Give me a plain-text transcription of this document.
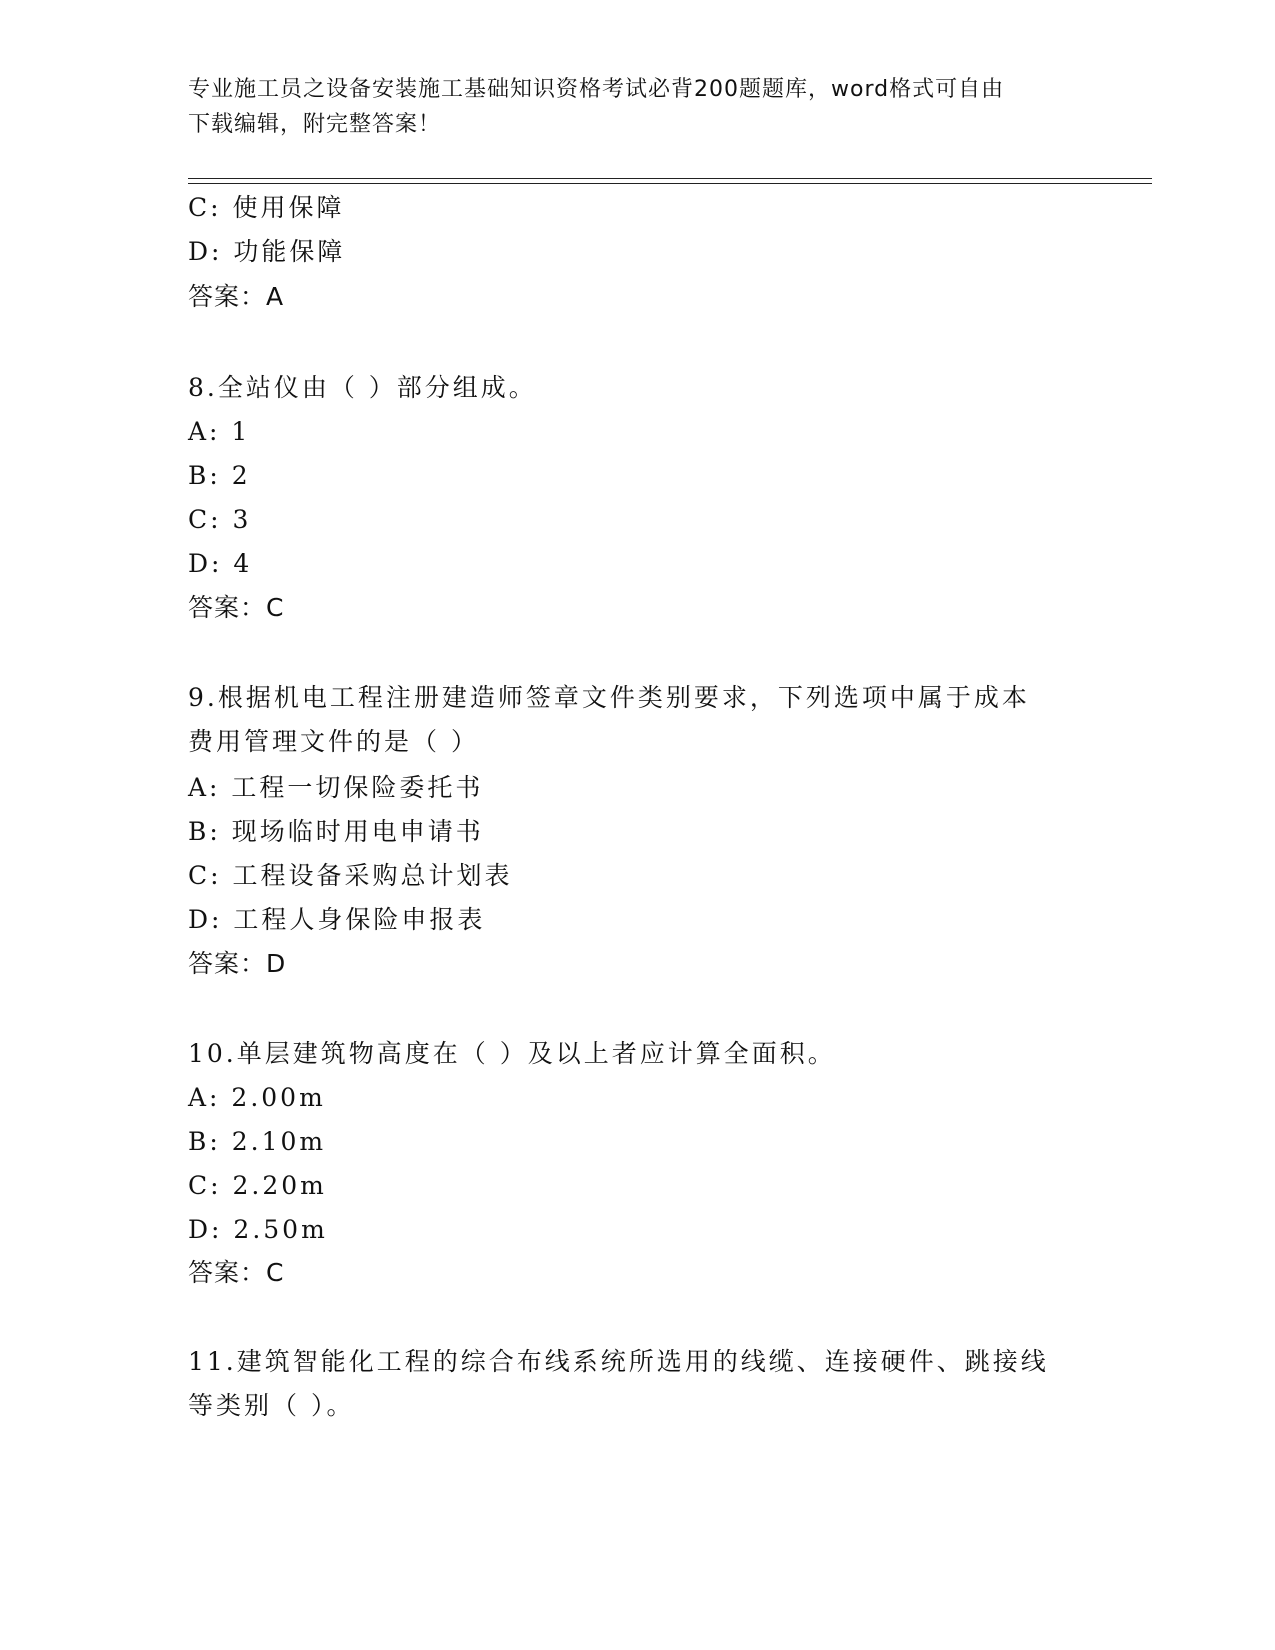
专业施工员之设备安装施工基础知识资格考试必背200题题库，word格式可自由
下载编辑，附完整答案！
C: 使用保障
D: 功能保障
答案：A
8.全站仪由（ ）部分组成。
A: 1
B: 2
C: 3
D: 4
答案：C
9.根据机电工程注册建造师签章文件类别要求，下列选项中属于成本
费用管理文件的是（ ）
A: 工程一切保险委托书
B: 现场临时用电申请书
C: 工程设备采购总计划表
D: 工程人身保险申报表
答案：D
10.单层建筑物高度在（ ）及以上者应计算全面积。
A: 2.00m
B: 2.10m
C: 2.20m
D: 2.50m
答案：C
11.建筑智能化工程的综合布线系统所选用的线缆、连接硬件、跳接线
等类别（ ）。
